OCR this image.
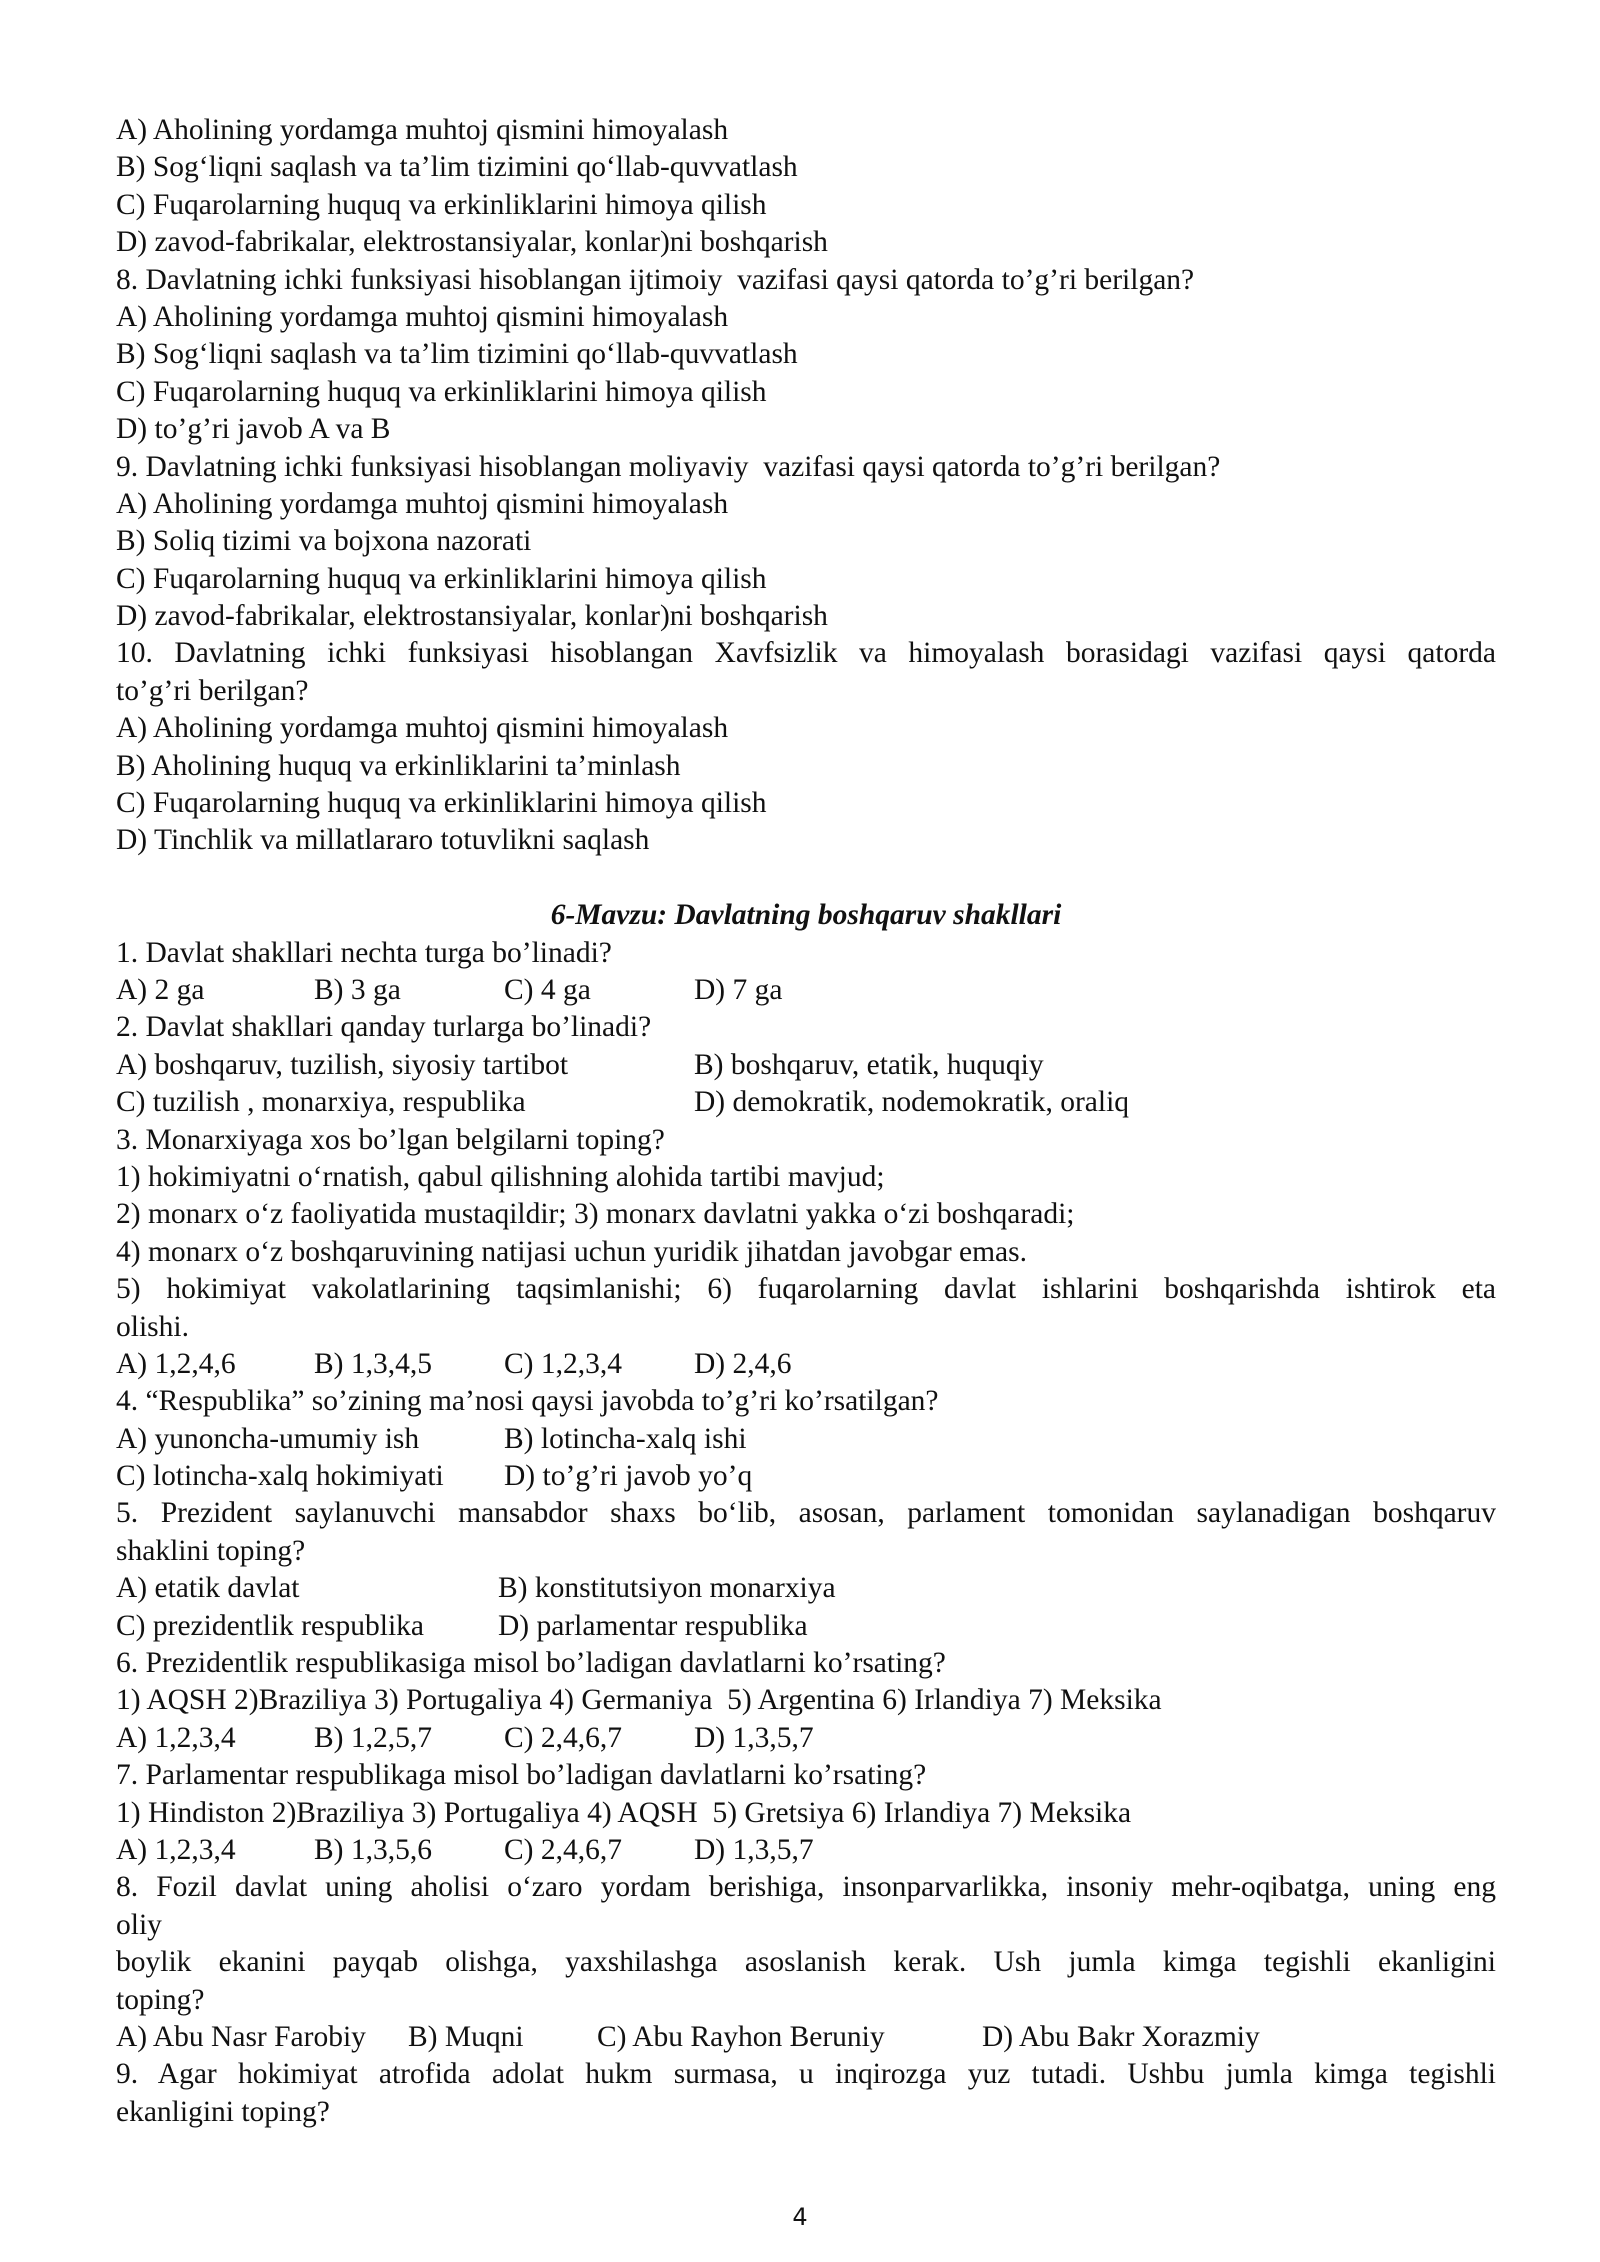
A) Aholining yordamga muhtoj qismini himoyalash
B) Sog‘liqni saqlash va ta’lim tizimini qo‘llab-quvvatlash
C) Fuqarolarning huquq va erkinliklarini himoya qilish
D) zavod-fabrikalar, elektrostansiyalar, konlar)ni boshqarish
8. Davlatning ichki funksiyasi hisoblangan ijtimoiy  vazifasi qaysi qatorda to’g’ri berilgan?
A) Aholining yordamga muhtoj qismini himoyalash
B) Sog‘liqni saqlash va ta’lim tizimini qo‘llab-quvvatlash
C) Fuqarolarning huquq va erkinliklarini himoya qilish
D) to’g’ri javob A va B
9. Davlatning ichki funksiyasi hisoblangan moliyaviy  vazifasi qaysi qatorda to’g’ri berilgan?
A) Aholining yordamga muhtoj qismini himoyalash
B) Soliq tizimi va bojxona nazorati
C) Fuqarolarning huquq va erkinliklarini himoya qilish
D) zavod-fabrikalar, elektrostansiyalar, konlar)ni boshqarish
10. Davlatning ichki funksiyasi hisoblangan Xavfsizlik va himoyalash borasidagi vazifasi qaysi qatorda
to’g’ri berilgan?
A) Aholining yordamga muhtoj qismini himoyalash
B) Aholining huquq va erkinliklarini ta’minlash
C) Fuqarolarning huquq va erkinliklarini himoya qilish
D) Tinchlik va millatlararo totuvlikni saqlash
6-Mavzu: Davlatning boshqaruv shakllari
1. Davlat shakllari nechta turga bo’linadi?
A) 2 ga	B) 3 ga	C) 4 ga	D) 7 ga
2. Davlat shakllari qanday turlarga bo’linadi?
A) boshqaruv, tuzilish, siyosiy tartibot	B) boshqaruv, etatik, huquqiy
C) tuzilish , monarxiya, respublika	D) demokratik, nodemokratik, oraliq
3. Monarxiyaga xos bo’lgan belgilarni toping?
1) hokimiyatni o‘rnatish, qabul qilishning alohida tartibi mavjud;
2) monarx o‘z faoliyatida mustaqildir; 3) monarx davlatni yakka o‘zi boshqaradi;
4) monarx o‘z boshqaruvining natijasi uchun yuridik jihatdan javobgar emas.
5) hokimiyat vakolatlarining taqsimlanishi; 6) fuqarolarning davlat ishlarini boshqarishda ishtirok eta
olishi.
A) 1,2,4,6	B) 1,3,4,5	C) 1,2,3,4	D) 2,4,6
4. “Respublika” so’zining ma’nosi qaysi javobda to’g’ri ko’rsatilgan?
A) yunoncha-umumiy ish	B) lotincha-xalq ishi
C) lotincha-xalq hokimiyati	D) to’g’ri javob yo’q
5. Prezident saylanuvchi mansabdor shaxs bo‘lib, asosan, parlament tomonidan saylanadigan boshqaruv
shaklini toping?
A) etatik davlat	B) konstitutsiyon monarxiya
C) prezidentlik respublika	D) parlamentar respublika
6. Prezidentlik respublikasiga misol bo’ladigan davlatlarni ko’rsating?
1) AQSH 2)Braziliya 3) Portugaliya 4) Germaniya  5) Argentina 6) Irlandiya 7) Meksika
A) 1,2,3,4	B) 1,2,5,7	C) 2,4,6,7	D) 1,3,5,7
7. Parlamentar respublikaga misol bo’ladigan davlatlarni ko’rsating?
1) Hindiston 2)Braziliya 3) Portugaliya 4) AQSH  5) Gretsiya 6) Irlandiya 7) Meksika
A) 1,2,3,4	B) 1,3,5,6	C) 2,4,6,7	D) 1,3,5,7
8. Fozil davlat uning aholisi o‘zaro yordam berishiga, insonparvarlikka, insoniy mehr-oqibatga, uning eng
oliy
boylik ekanini payqab olishga, yaxshilashga asoslanish kerak. Ush jumla kimga tegishli ekanligini
toping?
A) Abu Nasr Farobiy	B) Muqni	C) Abu Rayhon Beruniy	D) Abu Bakr Xorazmiy
9. Agar hokimiyat atrofida adolat hukm surmasa, u inqirozga yuz tutadi. Ushbu jumla kimga tegishli
ekanligini toping?
4
